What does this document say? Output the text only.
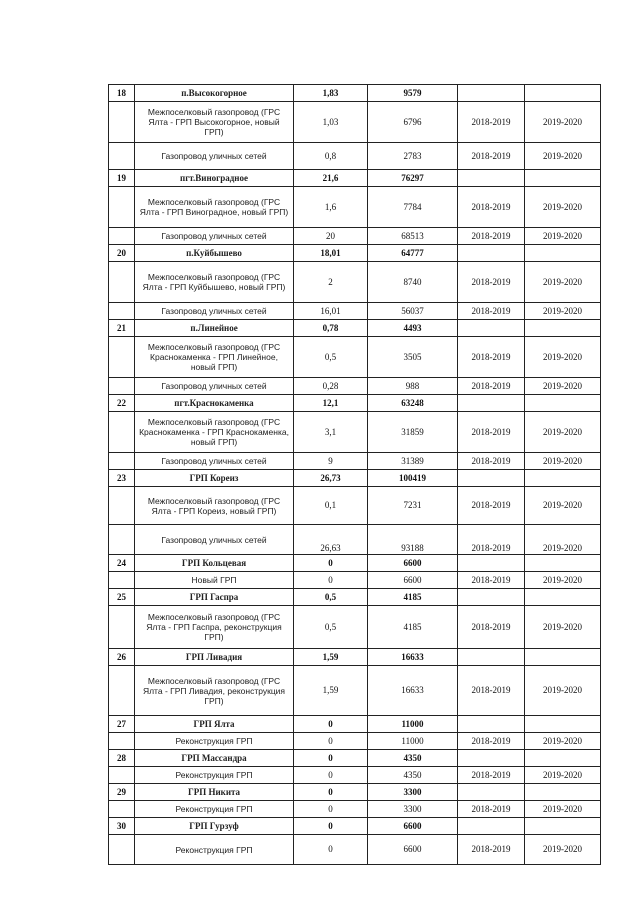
18	п.Высокогорное	1,83	9579		
	Межпоселковый газопровод (ГРС Ялта - ГРП Высокогорное, новый ГРП)	1,03	6796	2018-2019	2019-2020
	Газопровод уличных сетей	0,8	2783	2018-2019	2019-2020
19	пгт.Виноградное	21,6	76297		
	Межпоселковый газопровод (ГРС Ялта - ГРП Виноградное, новый ГРП)	1,6	7784	2018-2019	2019-2020
	Газопровод уличных сетей	20	68513	2018-2019	2019-2020
20	п.Куйбышево	18,01	64777		
	Межпоселковый газопровод (ГРС Ялта - ГРП Куйбышево, новый ГРП)	2	8740	2018-2019	2019-2020
	Газопровод уличных сетей	16,01	56037	2018-2019	2019-2020
21	п.Линейное	0,78	4493		
	Межпоселковый газопровод (ГРС Краснокаменка - ГРП Линейное, новый ГРП)	0,5	3505	2018-2019	2019-2020
	Газопровод уличных сетей	0,28	988	2018-2019	2019-2020
22	пгт.Краснокаменка	12,1	63248		
	Межпоселковый газопровод (ГРС Краснокаменка - ГРП Краснокаменка, новый ГРП)	3,1	31859	2018-2019	2019-2020
	Газопровод уличных сетей	9	31389	2018-2019	2019-2020
23	ГРП Кореиз	26,73	100419		
	Межпоселковый газопровод (ГРС Ялта - ГРП Кореиз, новый ГРП)	0,1	7231	2018-2019	2019-2020
	Газопровод уличных сетей	26,63	93188	2018-2019	2019-2020
24	ГРП Кольцевая	0	6600		
	Новый ГРП	0	6600	2018-2019	2019-2020
25	ГРП Гаспра	0,5	4185		
	Межпоселковый газопровод (ГРС Ялта - ГРП Гаспра, реконструкция ГРП)	0,5	4185	2018-2019	2019-2020
26	ГРП Ливадия	1,59	16633		
	Межпоселковый газопровод (ГРС Ялта - ГРП Ливадия, реконструкция ГРП)	1,59	16633	2018-2019	2019-2020
27	ГРП Ялта	0	11000		
	Реконструкция ГРП	0	11000	2018-2019	2019-2020
28	ГРП Массандра	0	4350		
	Реконструкция ГРП	0	4350	2018-2019	2019-2020
29	ГРП Никита	0	3300		
	Реконструкция ГРП	0	3300	2018-2019	2019-2020
30	ГРП Гурзуф	0	6600		
	Реконструкция ГРП	0	6600	2018-2019	2019-2020
